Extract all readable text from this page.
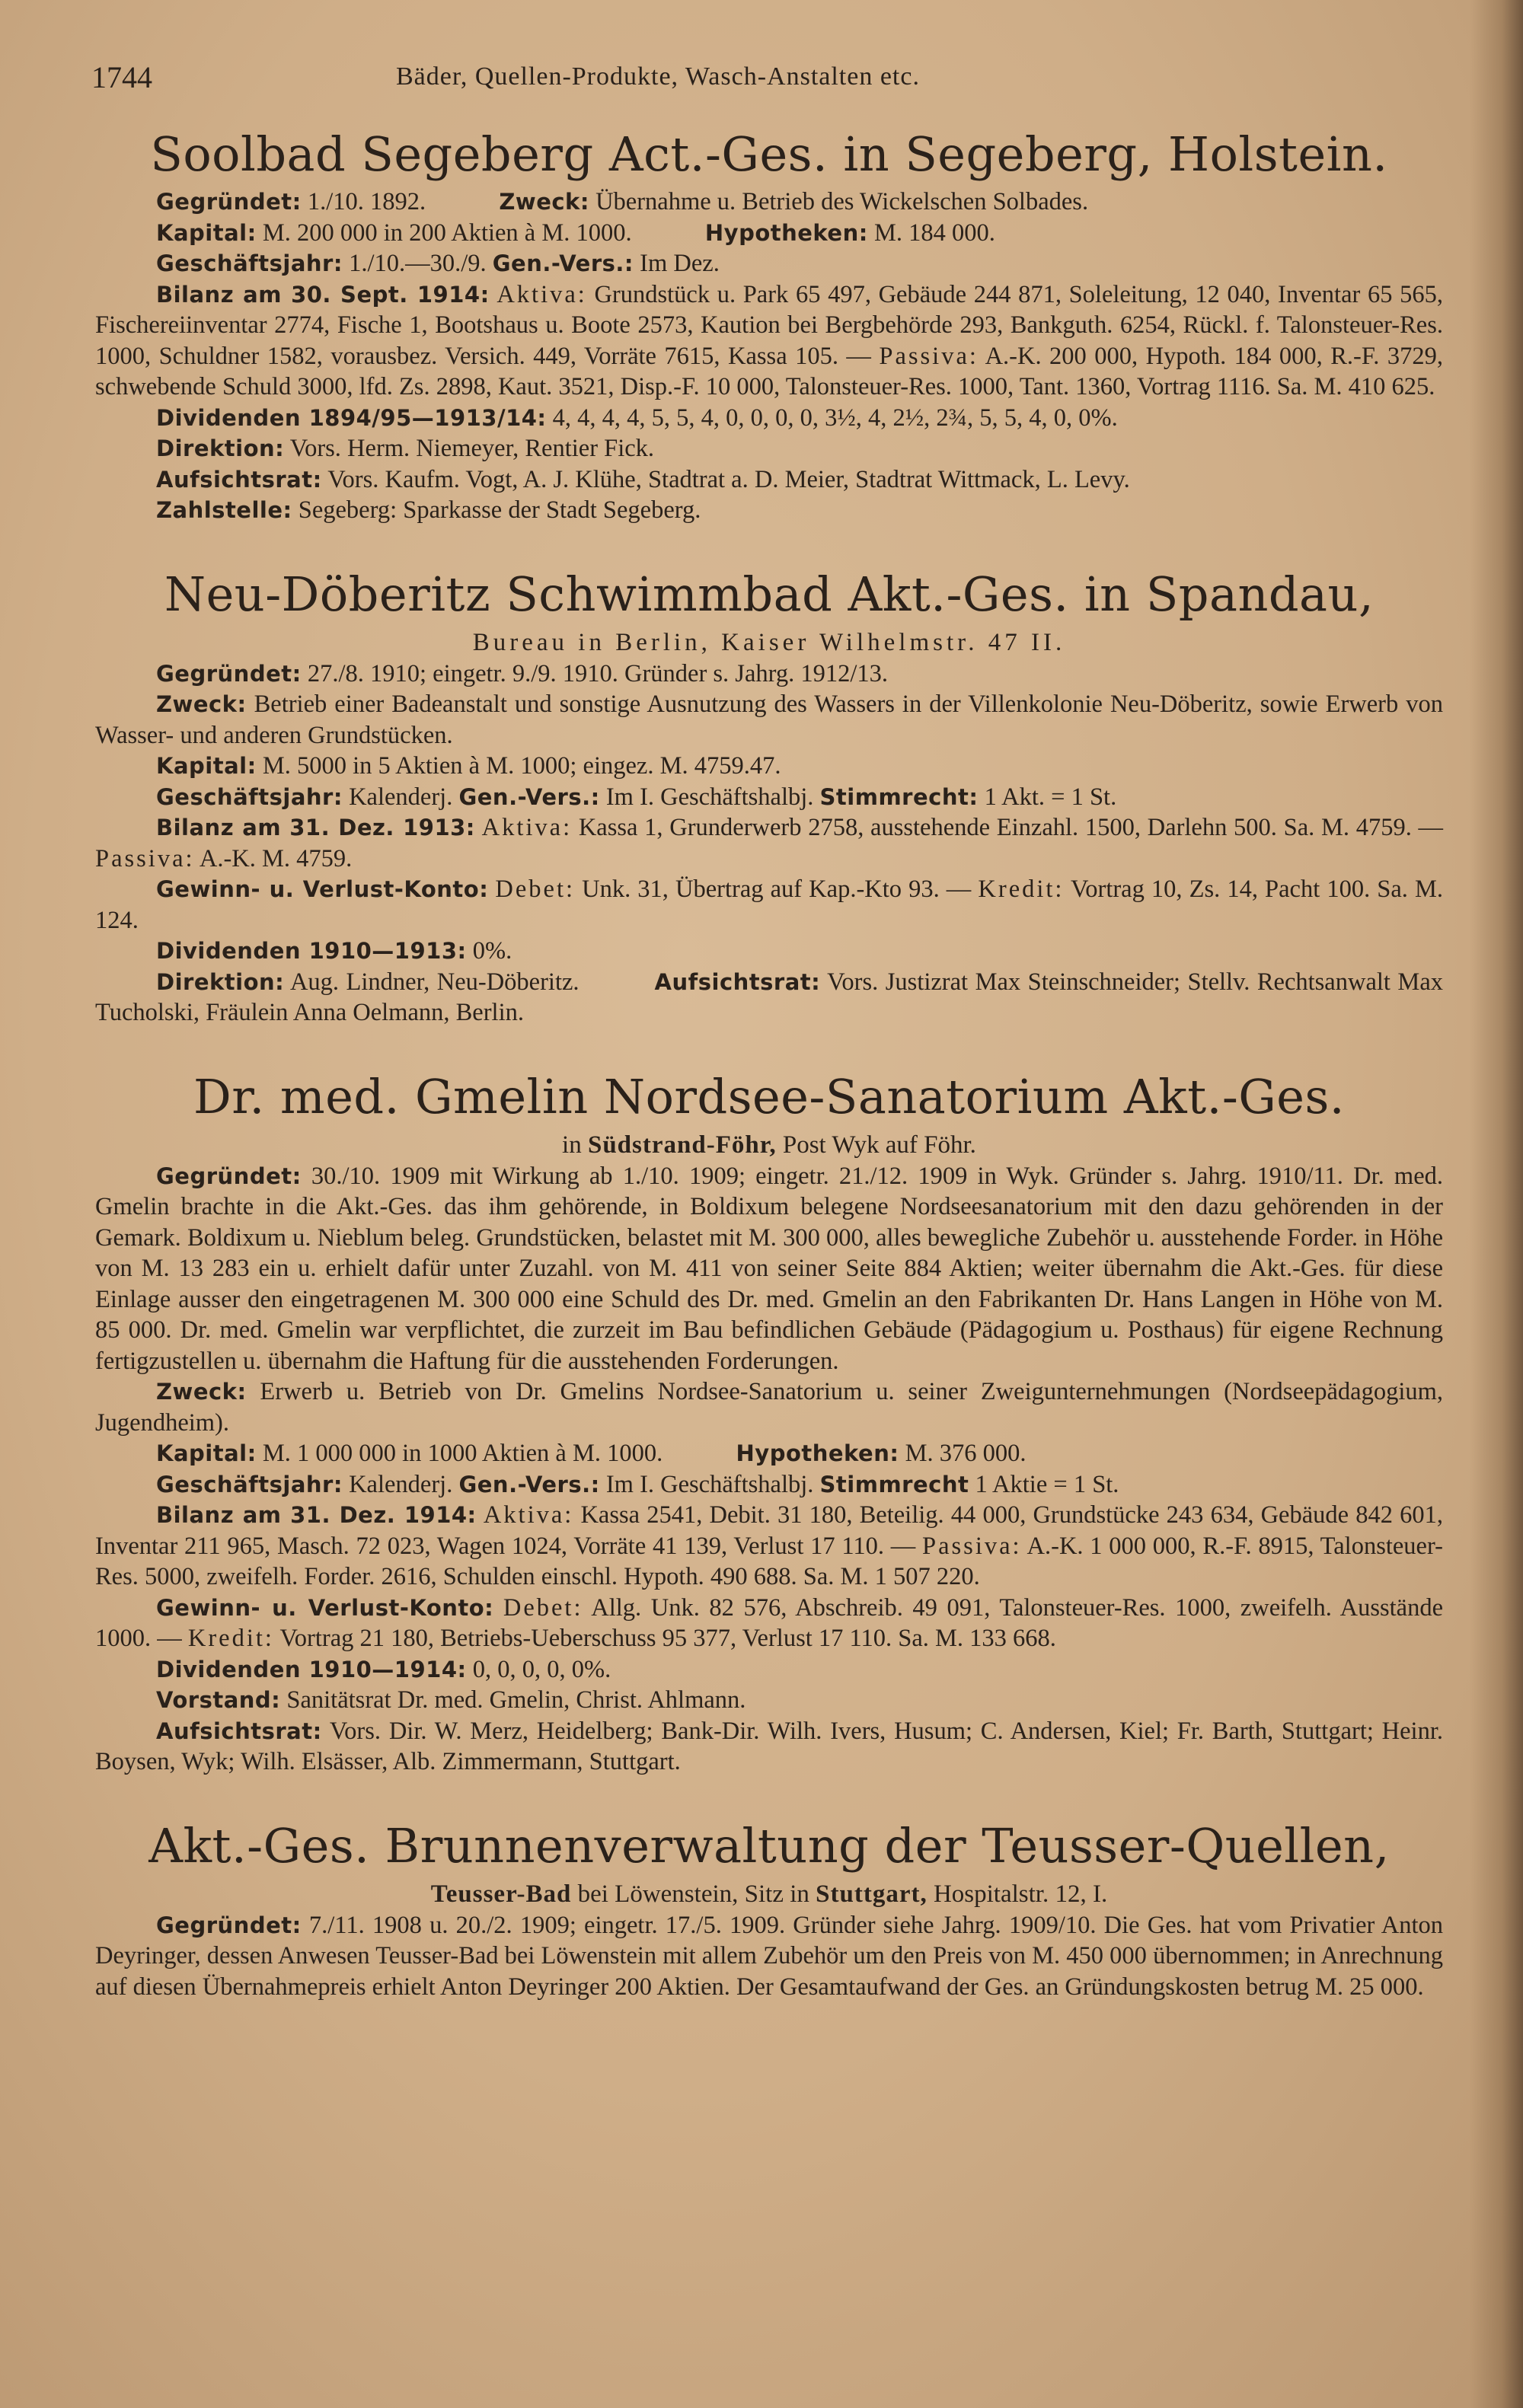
1744	Bäder, Quellen-Produkte, Wasch-Anstalten etc.
Soolbad Segeberg Act.-Ges. in Segeberg, Holstein.

Gegründet: 1./10. 1892.	Zweck: Übernahme u. Betrieb des Wickelschen Solbades.

Kapital: M. 200 000 in 200 Aktien à M. 1000.	Hypotheken: M. 184 000.

Geschäftsjahr: 1./10.—30./9. Gen.-Vers.: Im Dez.

Bilanz am 30. Sept. 1914: Aktiva: Grundstück u. Park 65 497, Gebäude 244 871, Soleleitung, 12 040, Inventar 65 565, Fischereiinventar 2774, Fische 1, Bootshaus u. Boote 2573, Kaution bei Bergbehörde 293, Bankguth. 6254, Rückl. f. Talonsteuer-Res. 1000, Schuldner 1582, vorausbez. Versich. 449, Vorräte 7615, Kassa 105. — Passiva: A.-K. 200 000, Hypoth. 184 000, R.-F. 3729, schwebende Schuld 3000, lfd. Zs. 2898, Kaut. 3521, Disp.-F. 10 000, Talonsteuer-Res. 1000, Tant. 1360, Vortrag 1116. Sa. M. 410 625.

Dividenden 1894/95—1913/14: 4, 4, 4, 4, 5, 5, 4, 0, 0, 0, 0, 3½, 4, 2½, 2¾, 5, 5, 4, 0, 0%.

Direktion: Vors. Herm. Niemeyer, Rentier Fick.

Aufsichtsrat: Vors. Kaufm. Vogt, A. J. Klühe, Stadtrat a. D. Meier, Stadtrat Wittmack, L. Levy.

Zahlstelle: Segeberg: Sparkasse der Stadt Segeberg.

Neu-Döberitz Schwimmbad Akt.-Ges. in Spandau,
Bureau in Berlin, Kaiser Wilhelmstr. 47 II.

Gegründet: 27./8. 1910; eingetr. 9./9. 1910. Gründer s. Jahrg. 1912/13.

Zweck: Betrieb einer Badeanstalt und sonstige Ausnutzung des Wassers in der Villenkolonie Neu-Döberitz, sowie Erwerb von Wasser- und anderen Grundstücken.

Kapital: M. 5000 in 5 Aktien à M. 1000; eingez. M. 4759.47.

Geschäftsjahr: Kalenderj. Gen.-Vers.: Im I. Geschäftshalbj. Stimmrecht: 1 Akt. = 1 St.

Bilanz am 31. Dez. 1913: Aktiva: Kassa 1, Grunderwerb 2758, ausstehende Einzahl. 1500, Darlehn 500. Sa. M. 4759. — Passiva: A.-K. M. 4759.

Gewinn- u. Verlust-Konto: Debet: Unk. 31, Übertrag auf Kap.-Kto 93. — Kredit: Vortrag 10, Zs. 14, Pacht 100. Sa. M. 124.

Dividenden 1910—1913: 0%.

Direktion: Aug. Lindner, Neu-Döberitz.	Aufsichtsrat: Vors. Justizrat Max Steinschneider; Stellv. Rechtsanwalt Max Tucholski, Fräulein Anna Oelmann, Berlin.

Dr. med. Gmelin Nordsee-Sanatorium Akt.-Ges.
in Südstrand-Föhr, Post Wyk auf Föhr.

Gegründet: 30./10. 1909 mit Wirkung ab 1./10. 1909; eingetr. 21./12. 1909 in Wyk. Gründer s. Jahrg. 1910/11. Dr. med. Gmelin brachte in die Akt.-Ges. das ihm gehörende, in Boldixum belegene Nordseesanatorium mit den dazu gehörenden in der Gemark. Boldixum u. Nieblum beleg. Grundstücken, belastet mit M. 300 000, alles bewegliche Zubehör u. ausstehende Forder. in Höhe von M. 13 283 ein u. erhielt dafür unter Zuzahl. von M. 411 von seiner Seite 884 Aktien; weiter übernahm die Akt.-Ges. für diese Einlage ausser den eingetragenen M. 300 000 eine Schuld des Dr. med. Gmelin an den Fabrikanten Dr. Hans Langen in Höhe von M. 85 000. Dr. med. Gmelin war verpflichtet, die zurzeit im Bau befindlichen Gebäude (Pädagogium u. Posthaus) für eigene Rechnung fertigzustellen u. übernahm die Haftung für die ausstehenden Forderungen.

Zweck: Erwerb u. Betrieb von Dr. Gmelins Nordsee-Sanatorium u. seiner Zweigunternehmungen (Nordseepädagogium, Jugendheim).

Kapital: M. 1 000 000 in 1000 Aktien à M. 1000.	Hypotheken: M. 376 000.

Geschäftsjahr: Kalenderj. Gen.-Vers.: Im I. Geschäftshalbj. Stimmrecht 1 Aktie = 1 St.

Bilanz am 31. Dez. 1914: Aktiva: Kassa 2541, Debit. 31 180, Beteilig. 44 000, Grundstücke 243 634, Gebäude 842 601, Inventar 211 965, Masch. 72 023, Wagen 1024, Vorräte 41 139, Verlust 17 110. — Passiva: A.-K. 1 000 000, R.-F. 8915, Talonsteuer-Res. 5000, zweifelh. Forder. 2616, Schulden einschl. Hypoth. 490 688. Sa. M. 1 507 220.

Gewinn- u. Verlust-Konto: Debet: Allg. Unk. 82 576, Abschreib. 49 091, Talonsteuer-Res. 1000, zweifelh. Ausstände 1000. — Kredit: Vortrag 21 180, Betriebs-Ueberschuss 95 377, Verlust 17 110. Sa. M. 133 668.

Dividenden 1910—1914: 0, 0, 0, 0, 0%.

Vorstand: Sanitätsrat Dr. med. Gmelin, Christ. Ahlmann.

Aufsichtsrat: Vors. Dir. W. Merz, Heidelberg; Bank-Dir. Wilh. Ivers, Husum; C. Andersen, Kiel; Fr. Barth, Stuttgart; Heinr. Boysen, Wyk; Wilh. Elsässer, Alb. Zimmermann, Stuttgart.

Akt.-Ges. Brunnenverwaltung der Teusser-Quellen,
Teusser-Bad bei Löwenstein, Sitz in Stuttgart, Hospitalstr. 12, I.

Gegründet: 7./11. 1908 u. 20./2. 1909; eingetr. 17./5. 1909. Gründer siehe Jahrg. 1909/10. Die Ges. hat vom Privatier Anton Deyringer, dessen Anwesen Teusser-Bad bei Löwenstein mit allem Zubehör um den Preis von M. 450 000 übernommen; in Anrechnung auf diesen Übernahmepreis erhielt Anton Deyringer 200 Aktien. Der Gesamtaufwand der Ges. an Gründungskosten betrug M. 25 000.
